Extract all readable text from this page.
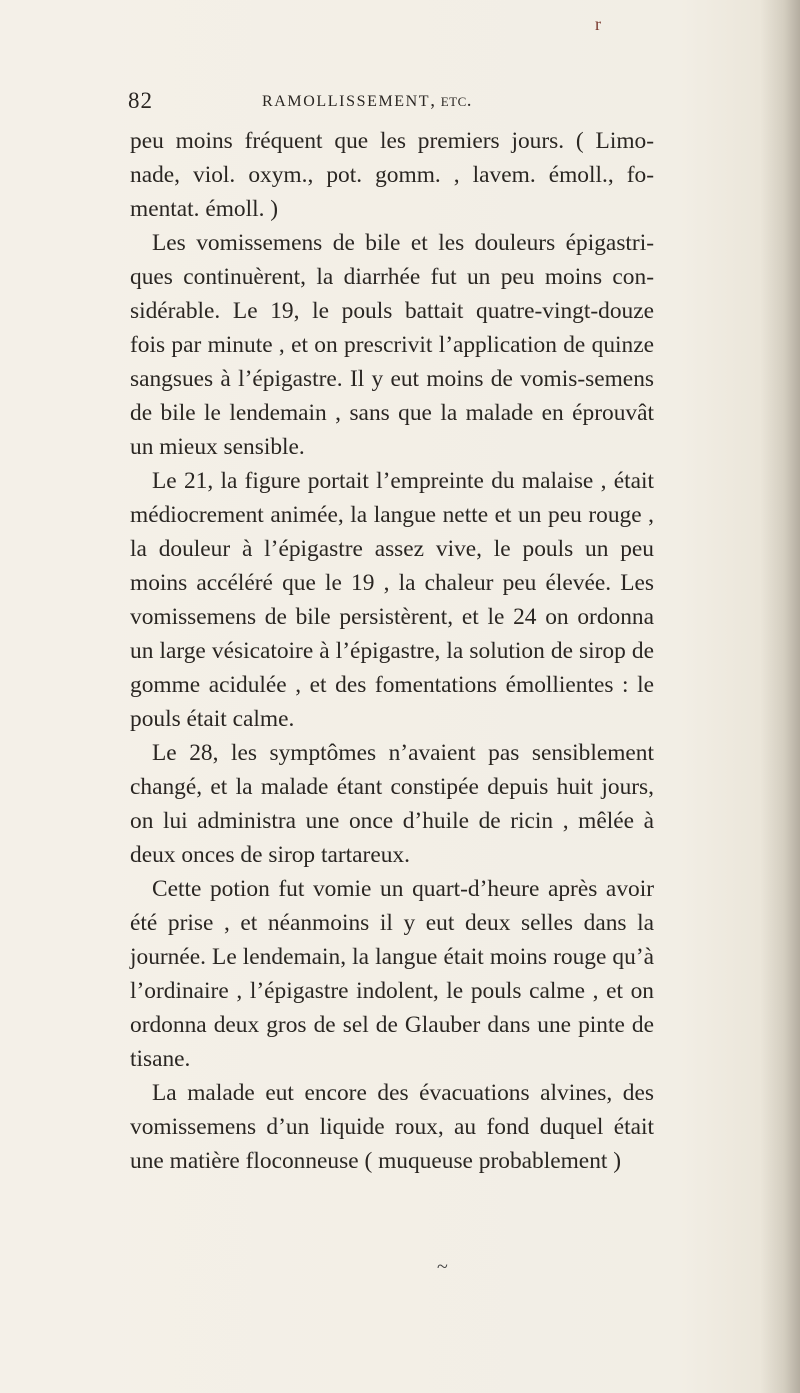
r
82	RAMOLLISSEMENT, etc.

peu moins fréquent que les premiers jours. ( Limo-nade, viol. oxym., pot. gomm. , lavem. émoll., fo-mentat. émoll. )

Les vomissemens de bile et les douleurs épigastri-ques continuèrent, la diarrhée fut un peu moins con-sidérable. Le 19, le pouls battait quatre-vingt-douze fois par minute , et on prescrivit l’application de quinze sangsues à l’épigastre. Il y eut moins de vomis-semens de bile le lendemain , sans que la malade en éprouvât un mieux sensible.

Le 21, la figure portait l’empreinte du malaise , était médiocrement animée, la langue nette et un peu rouge , la douleur à l’épigastre assez vive, le pouls un peu moins accéléré que le 19 , la chaleur peu élevée. Les vomissemens de bile persistèrent, et le 24 on ordonna un large vésicatoire à l’épigastre, la solution de sirop de gomme acidulée , et des fomentations émollientes : le pouls était calme.

Le 28, les symptômes n’avaient pas sensiblement changé, et la malade étant constipée depuis huit jours, on lui administra une once d’huile de ricin , mêlée à deux onces de sirop tartareux.

Cette potion fut vomie un quart-d’heure après avoir été prise , et néanmoins il y eut deux selles dans la journée. Le lendemain, la langue était moins rouge qu’à l’ordinaire , l’épigastre indolent, le pouls calme , et on ordonna deux gros de sel de Glauber dans une pinte de tisane.

La malade eut encore des évacuations alvines, des vomissemens d’un liquide roux, au fond duquel était une matière floconneuse ( muqueuse probablement )

~
